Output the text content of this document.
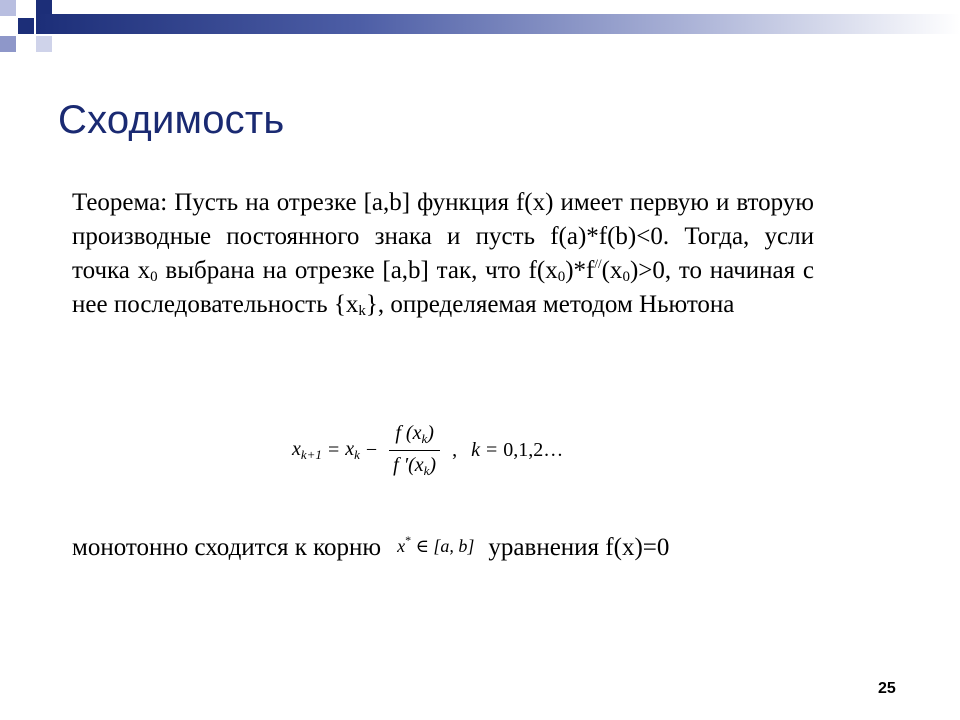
Сходимость
Теорема: Пусть на отрезке [a,b] функция f(x) имеет первую и вторую производные постоянного знака и пусть f(a)*f(b)<0. Тогда, усли точка $x_0$ выбрана на отрезке [a,b] так, что $f(x_0)*f^{//}(x_0)>0$, то начиная с нее последовательность $\{x_k\}$, определяемая методом Ньютона
$x_{k+1} = x_k - \frac{f (x_k)}{f '(x_k)}$ , k = 0,1,2…
монотонно сходится к корню x* ∈ [a, b] уравнения f(x)=0
25
